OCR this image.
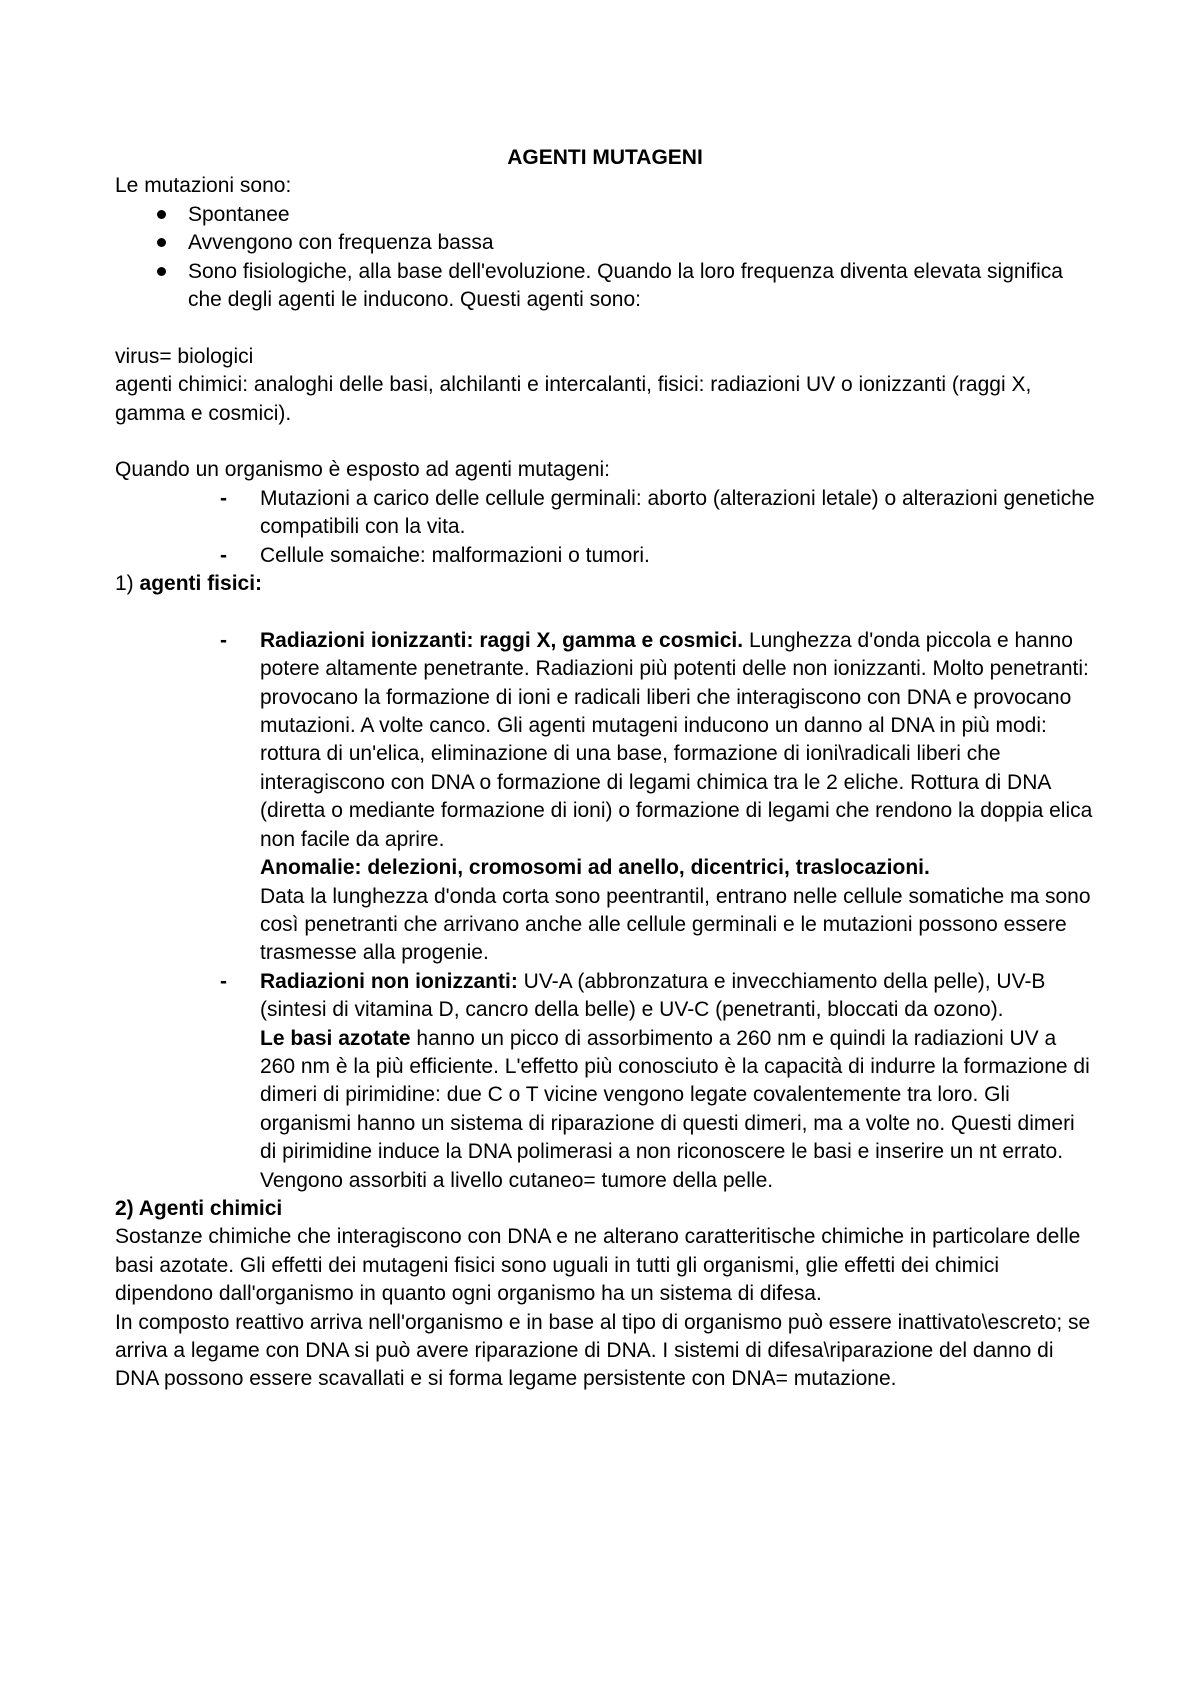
AGENTI MUTAGENI

Le mutazioni sono:

Spontanee
Avvengono con frequenza bassa
Sono fisiologiche, alla base dell'evoluzione. Quando la loro frequenza diventa elevata significa che degli agenti le inducono. Questi agenti sono:

virus= biologici

agenti chimici: analoghi delle basi, alchilanti e intercalanti, fisici: radiazioni UV o ionizzanti (raggi X, gamma e cosmici).

Quando un organismo è esposto ad agenti mutageni:

- Mutazioni a carico delle cellule germinali: aborto (alterazioni letale) o alterazioni genetiche compatibili con la vita.
- Cellule somaiche: malformazioni o tumori.

1) agenti fisici:

- Radiazioni ionizzanti: raggi X, gamma e cosmici. Lunghezza d'onda piccola e hanno potere altamente penetrante. Radiazioni più potenti delle non ionizzanti. Molto penetranti: provocano la formazione di ioni e radicali liberi che interagiscono con DNA e provocano mutazioni. A volte canco. Gli agenti mutageni inducono un danno al DNA in più modi: rottura di un'elica, eliminazione di una base, formazione di ioni\radicali liberi che interagiscono con DNA o formazione di legami chimica tra le 2 eliche. Rottura di DNA (diretta o mediante formazione di ioni) o formazione di legami che rendono la doppia elica non facile da aprire.
Anomalie: delezioni, cromosomi ad anello, dicentrici, traslocazioni.
Data la lunghezza d'onda corta sono peentrantil, entrano nelle cellule somatiche ma sono così penetranti che arrivano anche alle cellule germinali e le mutazioni possono essere trasmesse alla progenie.
- Radiazioni non ionizzanti: UV-A (abbronzatura e invecchiamento della pelle), UV-B (sintesi di vitamina D, cancro della belle) e UV-C (penetranti, bloccati da ozono).
Le basi azotate hanno un picco di assorbimento a 260 nm e quindi la radiazioni UV a 260 nm è la più efficiente. L'effetto più conosciuto è la capacità di indurre la formazione di dimeri di pirimidine: due C o T vicine vengono legate covalentemente tra loro. Gli organismi hanno un sistema di riparazione di questi dimeri, ma a volte no. Questi dimeri di pirimidine induce la DNA polimerasi a non riconoscere le basi e inserire un nt errato. Vengono assorbiti a livello cutaneo= tumore della pelle.

2) Agenti chimici

Sostanze chimiche che interagiscono con DNA e ne alterano caratteritische chimiche in particolare delle basi azotate. Gli effetti dei mutageni fisici sono uguali in tutti gli organismi, glie effetti dei chimici dipendono dall'organismo in quanto ogni organismo ha un sistema di difesa.

In composto reattivo arriva nell'organismo e in base al tipo di organismo può essere inattivato\escreto; se arriva a legame con DNA si può avere riparazione di DNA. I sistemi di difesa\riparazione del danno di DNA possono essere scavallati e si forma legame persistente con DNA= mutazione.
